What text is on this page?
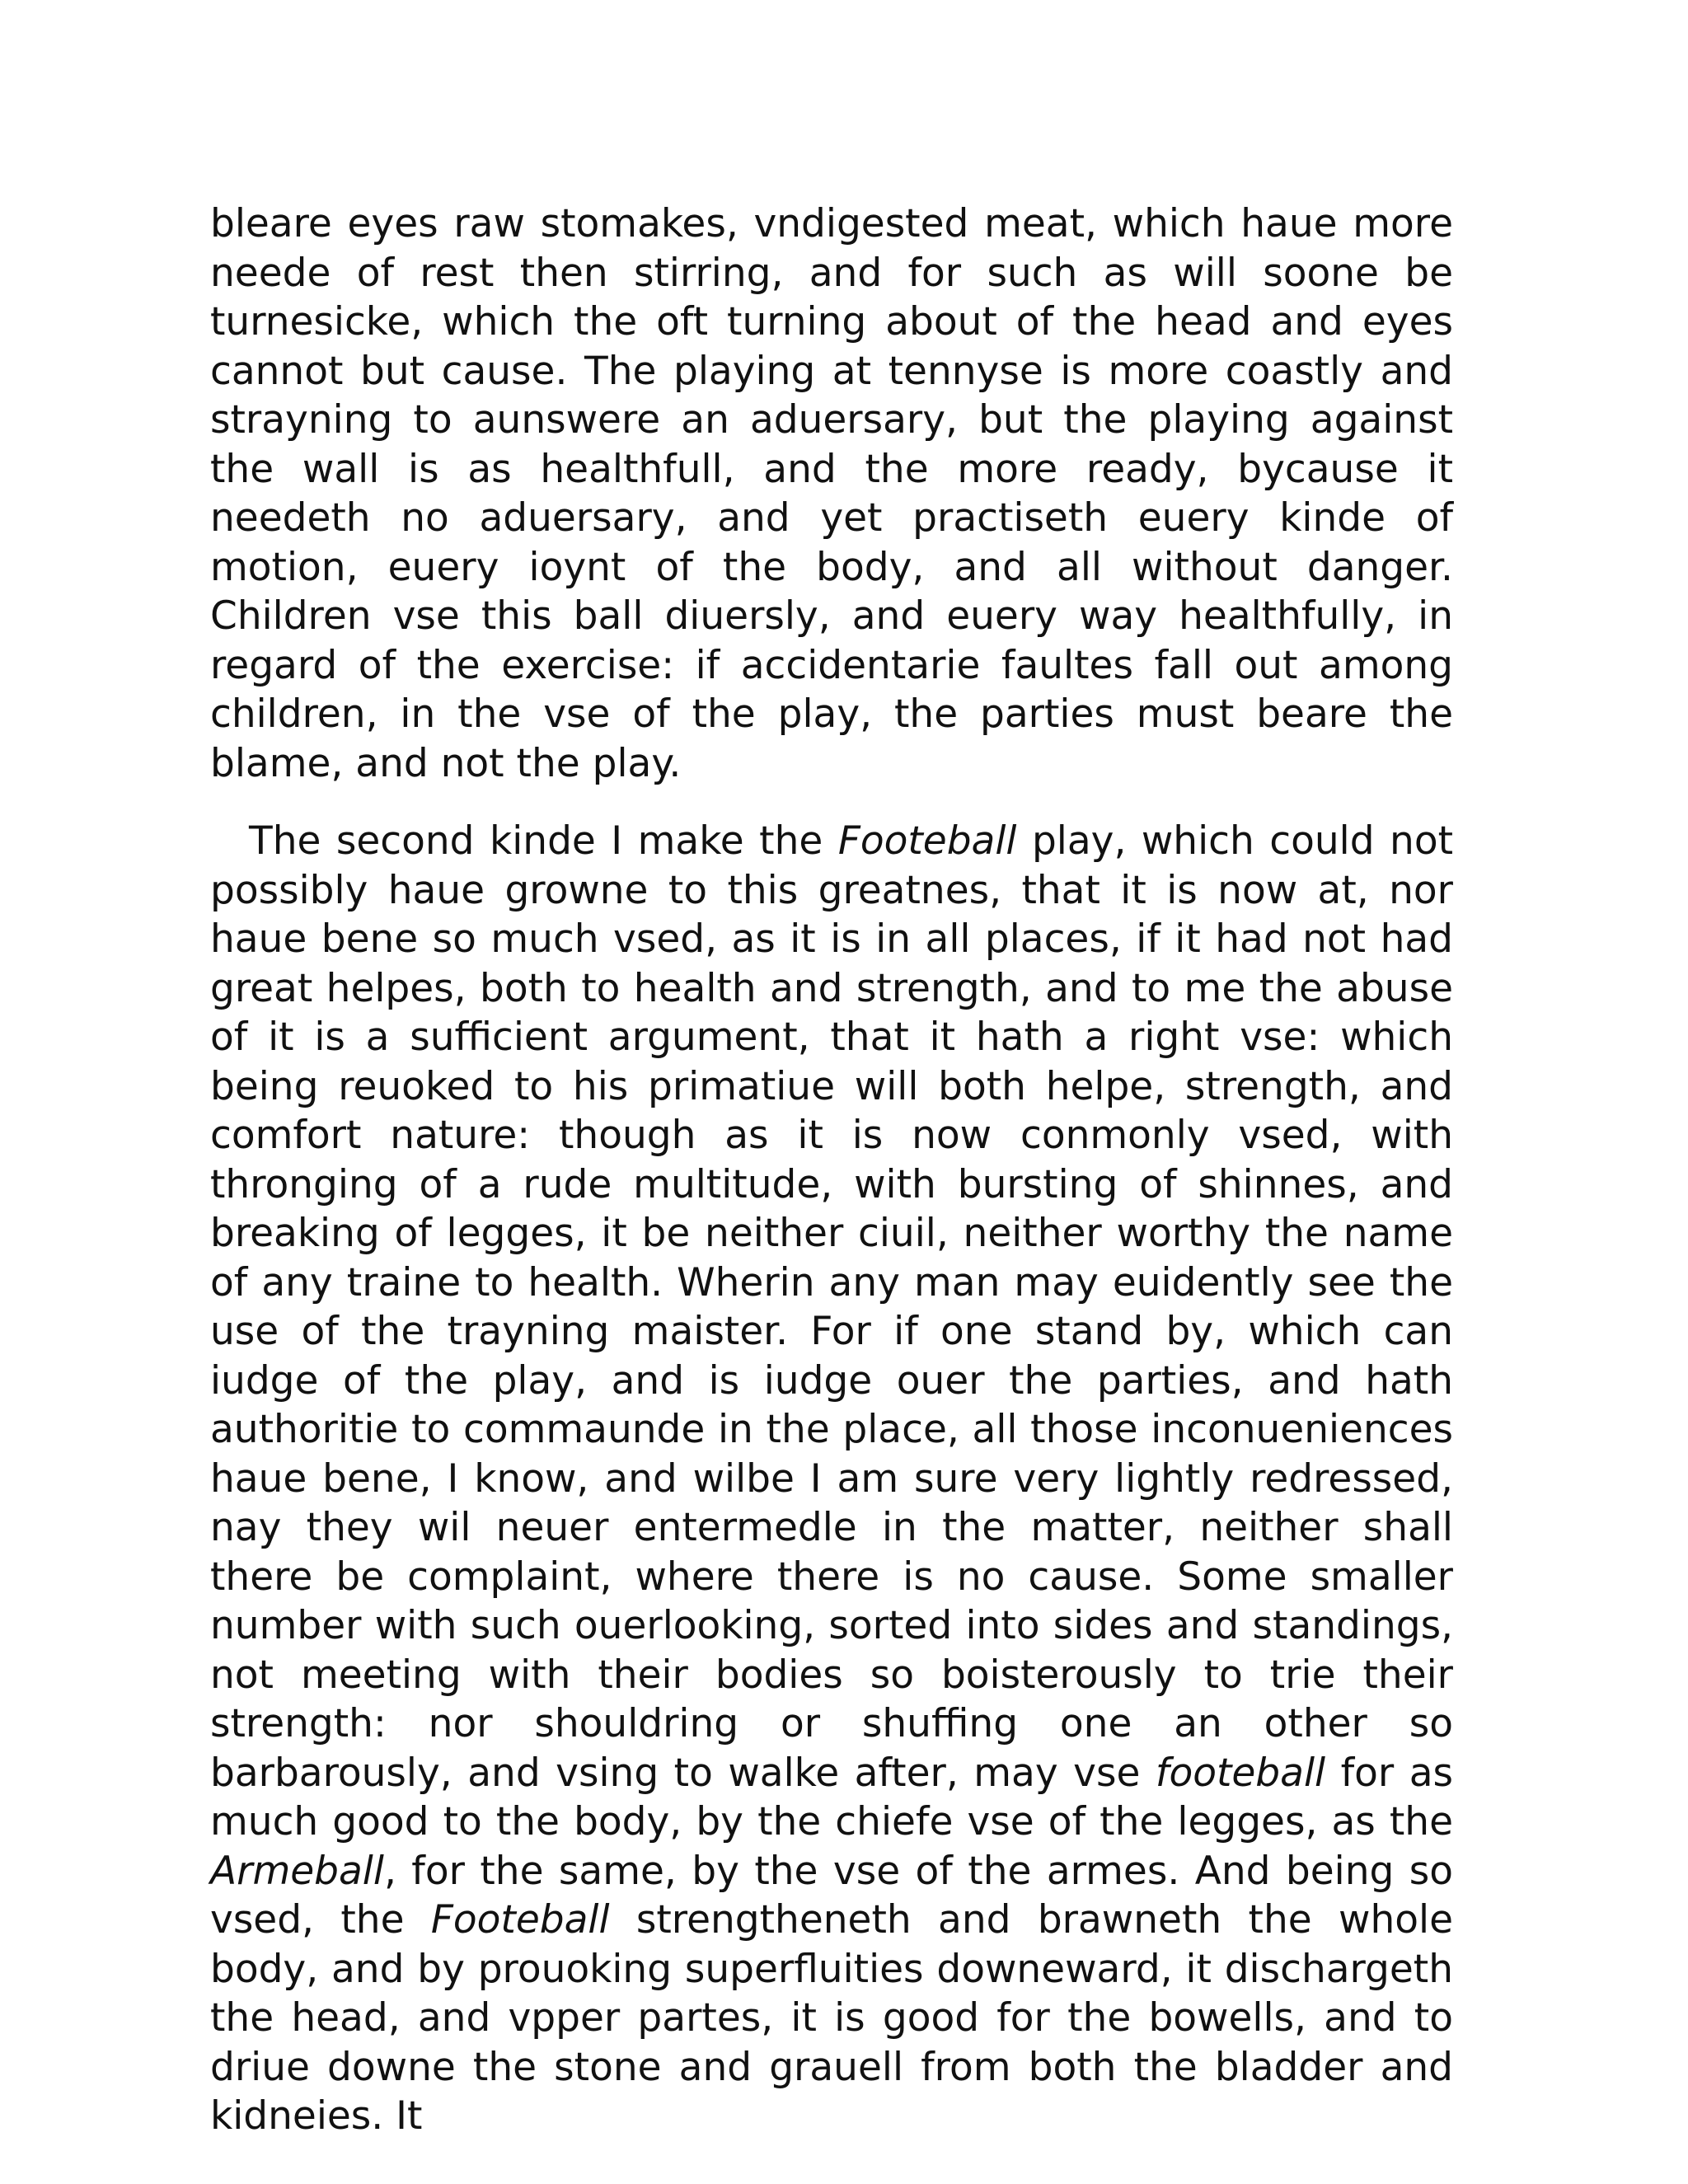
bleare eyes raw stomakes, vndigested meat, which haue more neede of rest then stirring, and for such as will soone be turnesicke, which the oft turning about of the head and eyes cannot but cause. The playing at tennyse is more coastly and strayning to aunswere an aduersary, but the playing against the wall is as healthfull, and the more ready, bycause it needeth no aduersary, and yet practiseth euery kinde of motion, euery ioynt of the body, and all without danger. Children vse this ball diuersly, and euery way healthfully, in regard of the exercise: if accidentarie faultes fall out among children, in the vse of the play, the parties must beare the blame, and not the play.

The second kinde I make the Footeball play, which could not possibly haue growne to this greatnes, that it is now at, nor haue bene so much vsed, as it is in all places, if it had not had great helpes, both to health and strength, and to me the abuse of it is a sufficient argument, that it hath a right vse: which being reuoked to his primatiue will both helpe, strength, and comfort nature: though as it is now conmonly vsed, with thronging of a rude multitude, with bursting of shinnes, and breaking of legges, it be neither ciuil, neither worthy the name of any traine to health. Wherin any man may euidently see the use of the trayning maister. For if one stand by, which can iudge of the play, and is iudge ouer the parties, and hath authoritie to commaunde in the place, all those inconueniences haue bene, I know, and wilbe I am sure very lightly redressed, nay they wil neuer entermedle in the matter, neither shall there be complaint, where there is no cause. Some smaller number with such ouerlooking, sorted into sides and standings, not meeting with their bodies so boisterously to trie their strength: nor shouldring or shuffing one an other so barbarously, and vsing to walke after, may vse footeball for as much good to the body, by the chiefe vse of the legges, as the Armeball, for the same, by the vse of the armes. And being so vsed, the Footeball strengtheneth and brawneth the whole body, and by prouoking superfluities downeward, it dischargeth the head, and vpper partes, it is good for the bowells, and to driue downe the stone and grauell from both the bladder and kidneies. It
